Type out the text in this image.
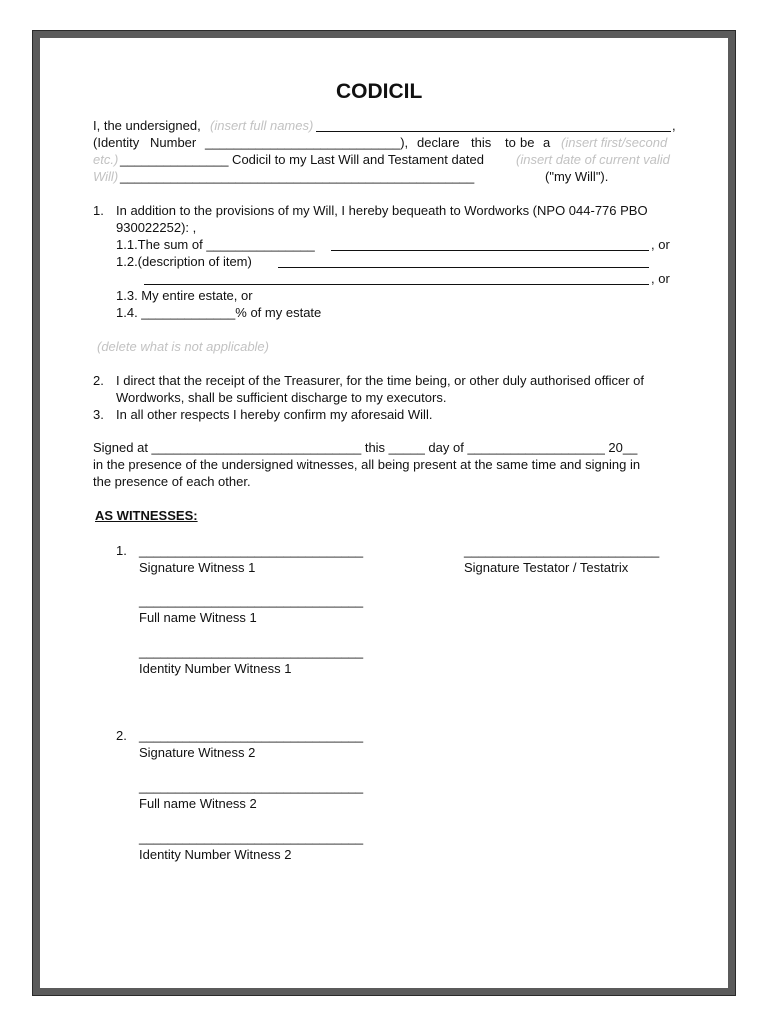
CODICIL
I, the undersigned, (insert full names)	,
(Identity Number ___________________________), declare this to be a (insert first/second
etc.) _______________ Codicil to my Last Will and Testament dated (insert date of current valid
Will) _________________________________________________	("my Will").
1. In addition to the provisions of my Will, I hereby bequeath to Wordworks (NPO 044-776 PBO
930022252): ,
1.1.The sum of _______________	, or
1.2.(description of item)
, or
1.3. My entire estate, or
1.4. _____________% of my estate
(delete what is not applicable)
2. I direct that the receipt of the Treasurer, for the time being, or other duly authorised officer of
Wordworks, shall be sufficient discharge to my executors.
3. In all other respects I hereby confirm my aforesaid Will.
Signed at _____________________________ this _____ day of ___________________ 20__
in the presence of the undersigned witnesses, all being present at the same time and signing in
the presence of each other.
AS WITNESSES:
1. _______________________________
Signature Witness 1
___________________________
Signature Testator / Testatrix
_______________________________
Full name Witness 1
_______________________________
Identity Number Witness 1
2. _______________________________
Signature Witness 2
_______________________________
Full name Witness 2
_______________________________
Identity Number Witness 2
